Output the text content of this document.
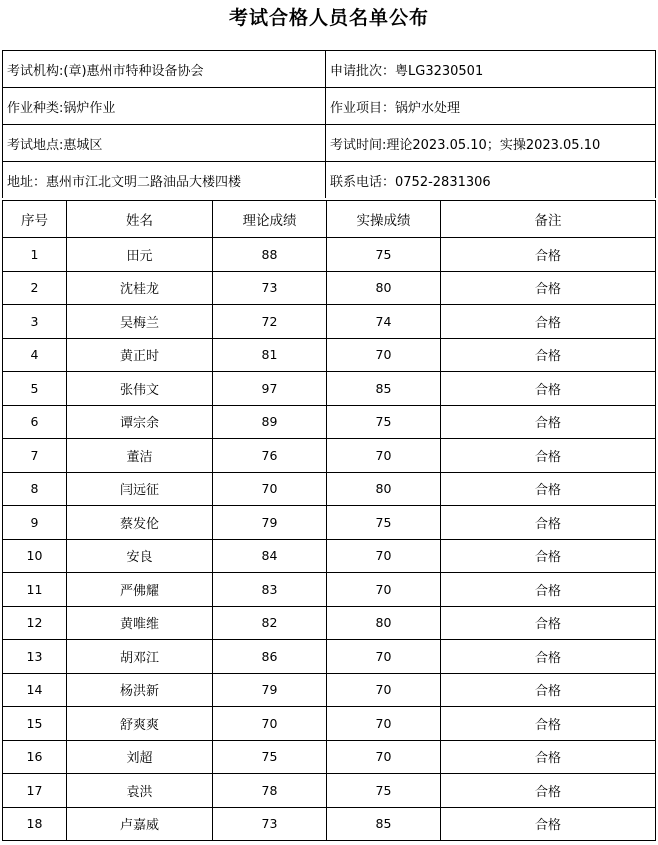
考试合格人员名单公布
考试机构:(章)惠州市特种设备协会	申请批次：粤LG3230501
作业种类:锅炉作业	作业项目：锅炉水处理
考试地点:惠城区	考试时间:理论2023.05.10；实操2023.05.10
地址：惠州市江北文明二路油品大楼四楼	联系电话：0752-2831306
序号	姓名	理论成绩	实操成绩	备注
1	田元	88	75	合格
2	沈桂龙	73	80	合格
3	吴梅兰	72	74	合格
4	黄正时	81	70	合格
5	张伟文	97	85	合格
6	谭宗余	89	75	合格
7	董洁	76	70	合格
8	闫远征	70	80	合格
9	蔡发伦	79	75	合格
10	安良	84	70	合格
11	严佛耀	83	70	合格
12	黄唯维	82	80	合格
13	胡邓江	86	70	合格
14	杨洪新	79	70	合格
15	舒爽爽	70	70	合格
16	刘超	75	70	合格
17	袁洪	78	75	合格
18	卢嘉威	73	85	合格
